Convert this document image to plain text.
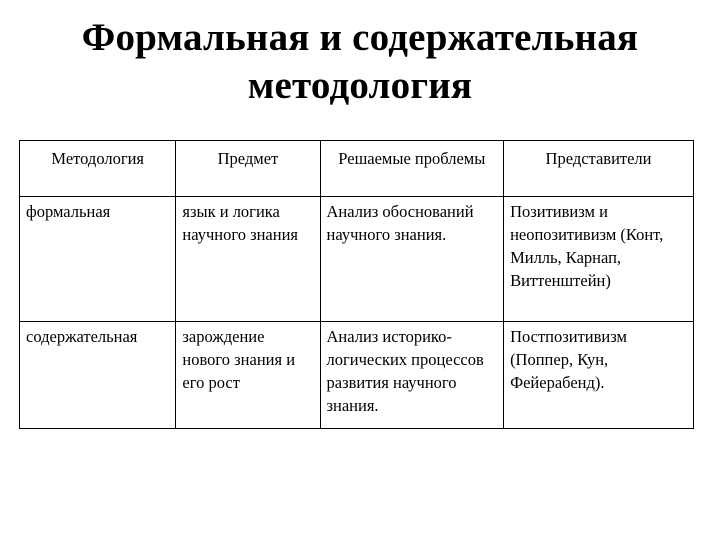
Формальная и содержательная
методология
Методология	Предмет	Решаемые проблемы	Представители
формальная	язык и логика научного знания	Анализ обоснований научного знания.	Позитивизм и неопозитивизм (Конт, Милль, Карнап, Виттенштейн)
содержательная	зарождение нового знания и его рост	Анализ историко-логических процессов развития научного знания.	Постпозитивизм (Поппер, Кун, Фейерабенд).
